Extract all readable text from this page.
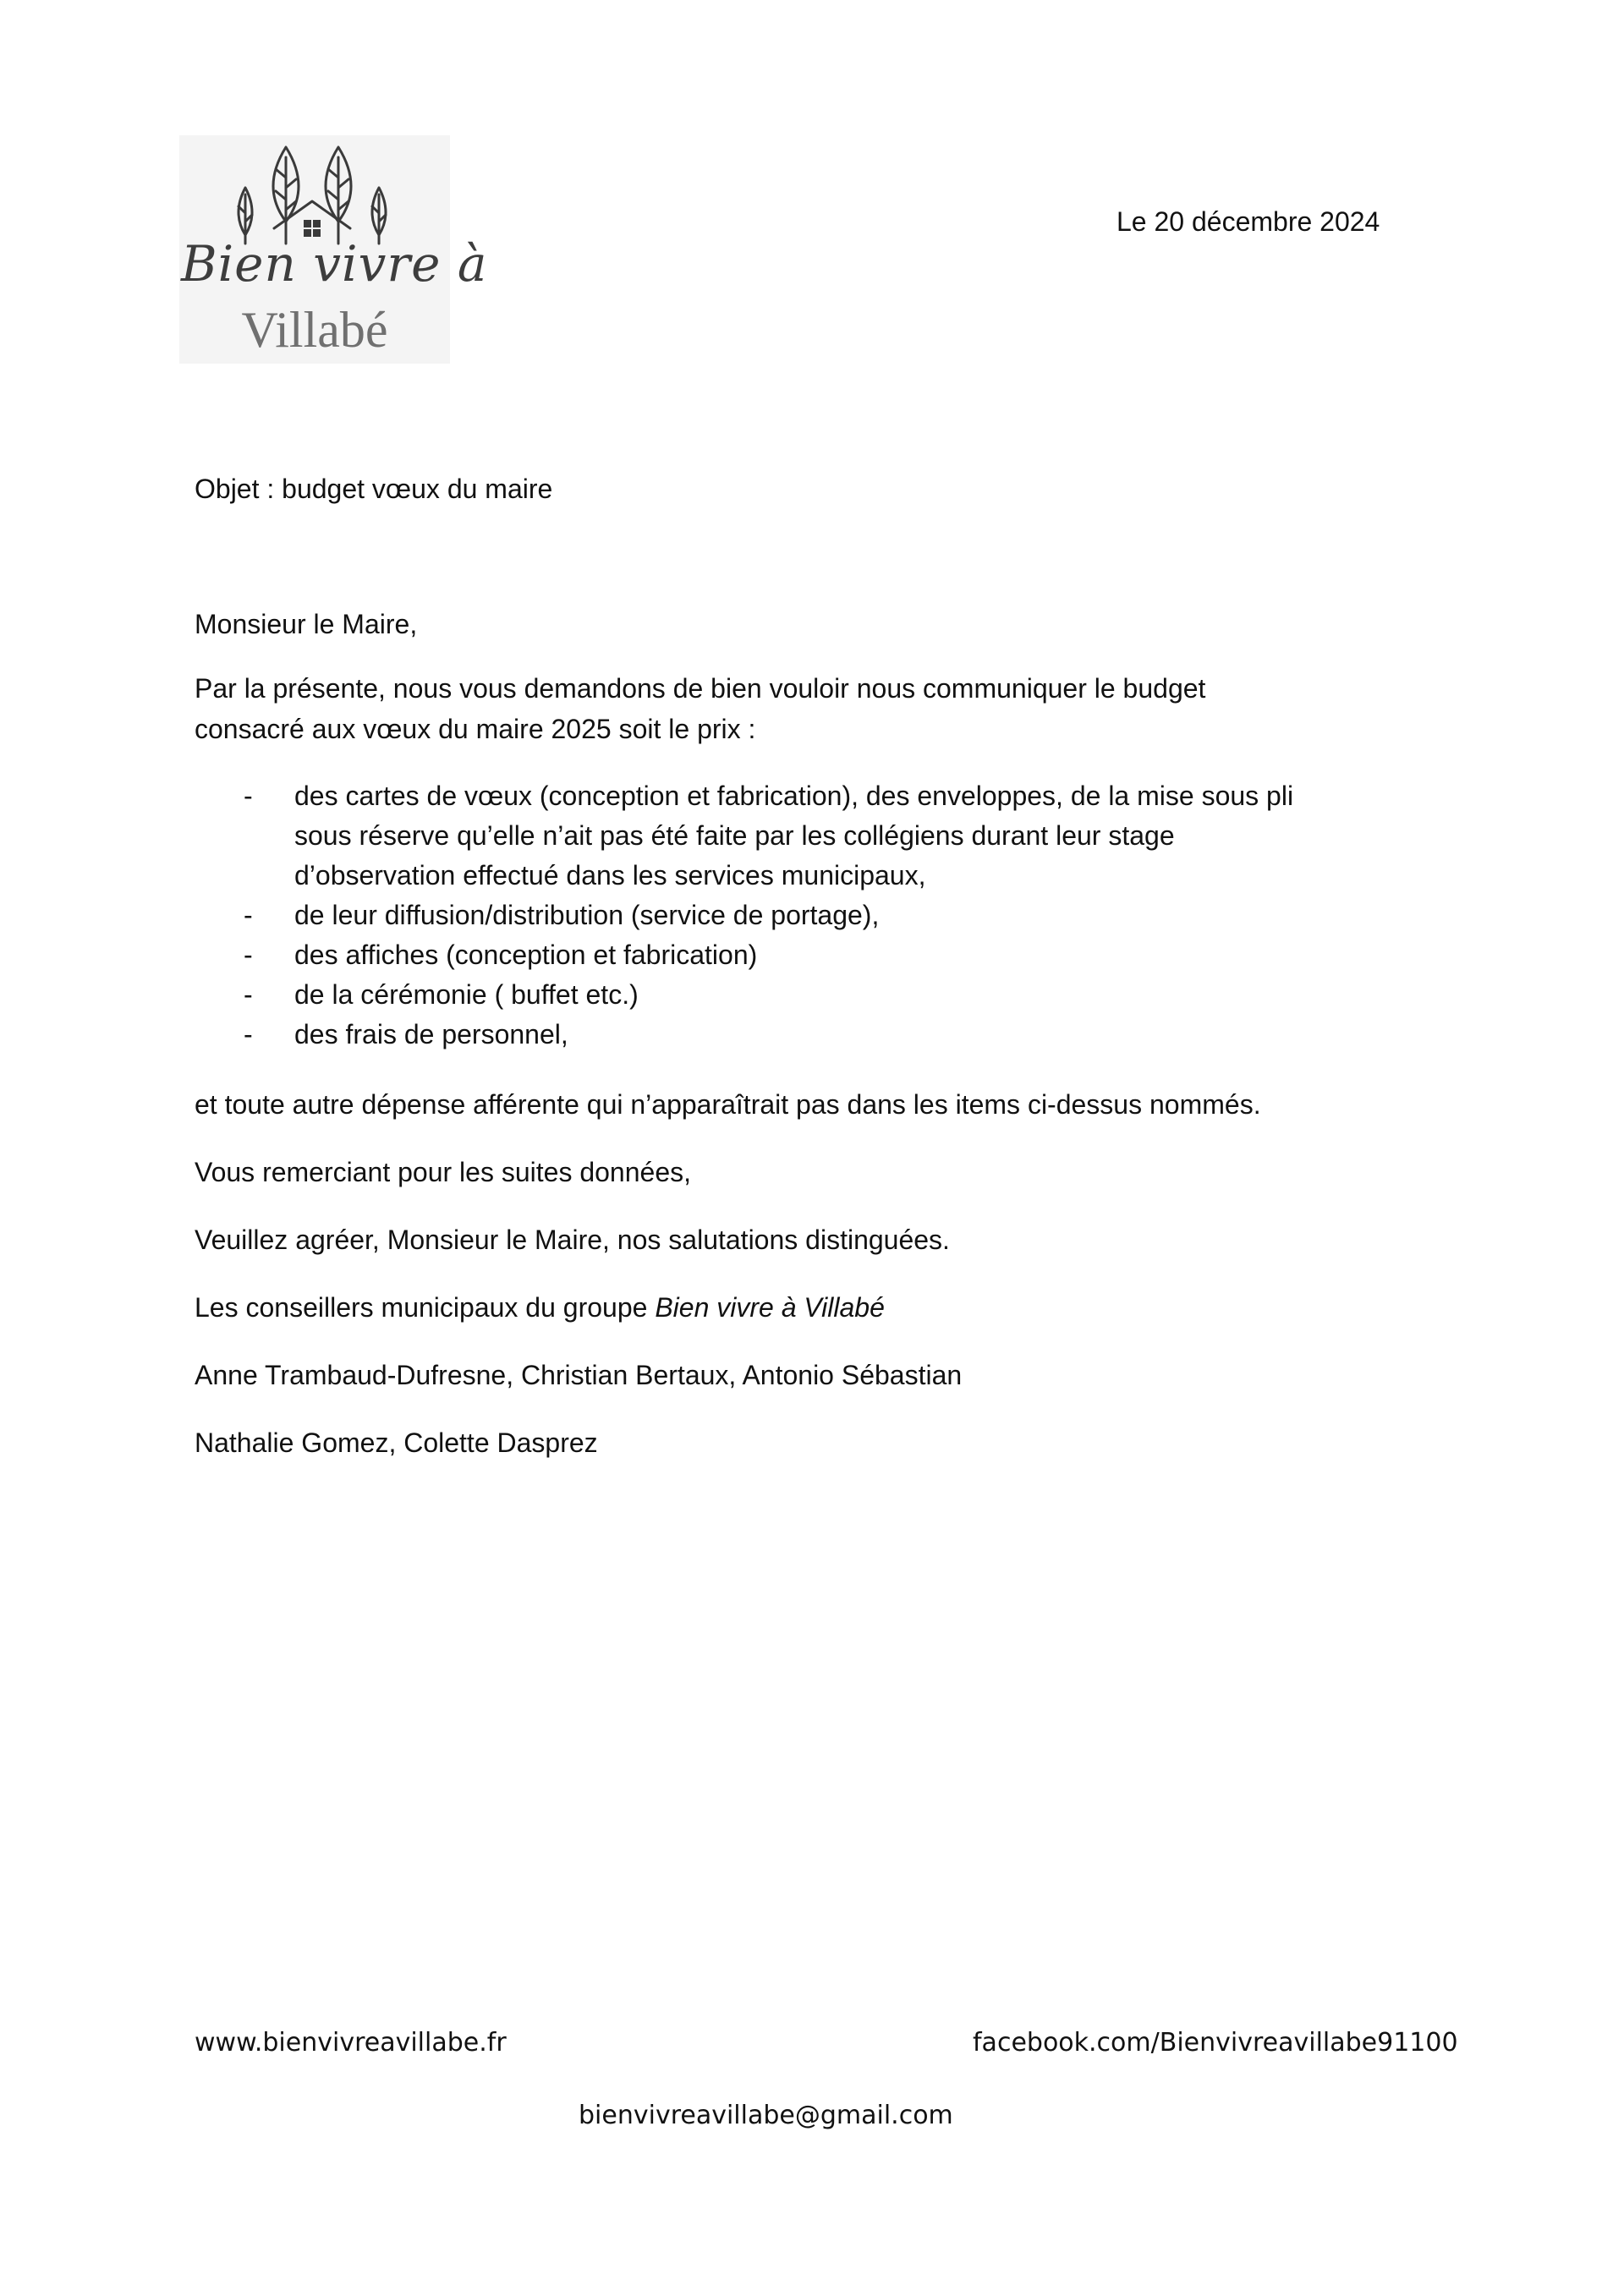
Bien vivre à
Villabé
Le 20 décembre 2024
Objet : budget vœux du maire
Monsieur le Maire,
Par la présente, nous vous demandons de bien vouloir nous communiquer le budget
consacré aux vœux du maire 2025 soit le prix :
- des cartes de vœux (conception et fabrication), des enveloppes, de la mise sous pli
sous réserve qu’elle n’ait pas été faite par les collégiens durant leur stage
d’observation effectué dans les services municipaux,
- de leur diffusion/distribution (service de portage),
- des affiches (conception et fabrication)
- de la cérémonie ( buffet etc.)
- des frais de personnel,
et toute autre dépense afférente qui n’apparaîtrait pas dans les items ci-dessus nommés.
Vous remerciant pour les suites données,
Veuillez agréer, Monsieur le Maire, nos salutations distinguées.
Les conseillers municipaux du groupe Bien vivre à Villabé
Anne Trambaud-Dufresne, Christian Bertaux, Antonio Sébastian
Nathalie Gomez, Colette Dasprez
www.bienvivreavillabe.fr	facebook.com/Bienvivreavillabe91100
bienvivreavillabe@gmail.com
